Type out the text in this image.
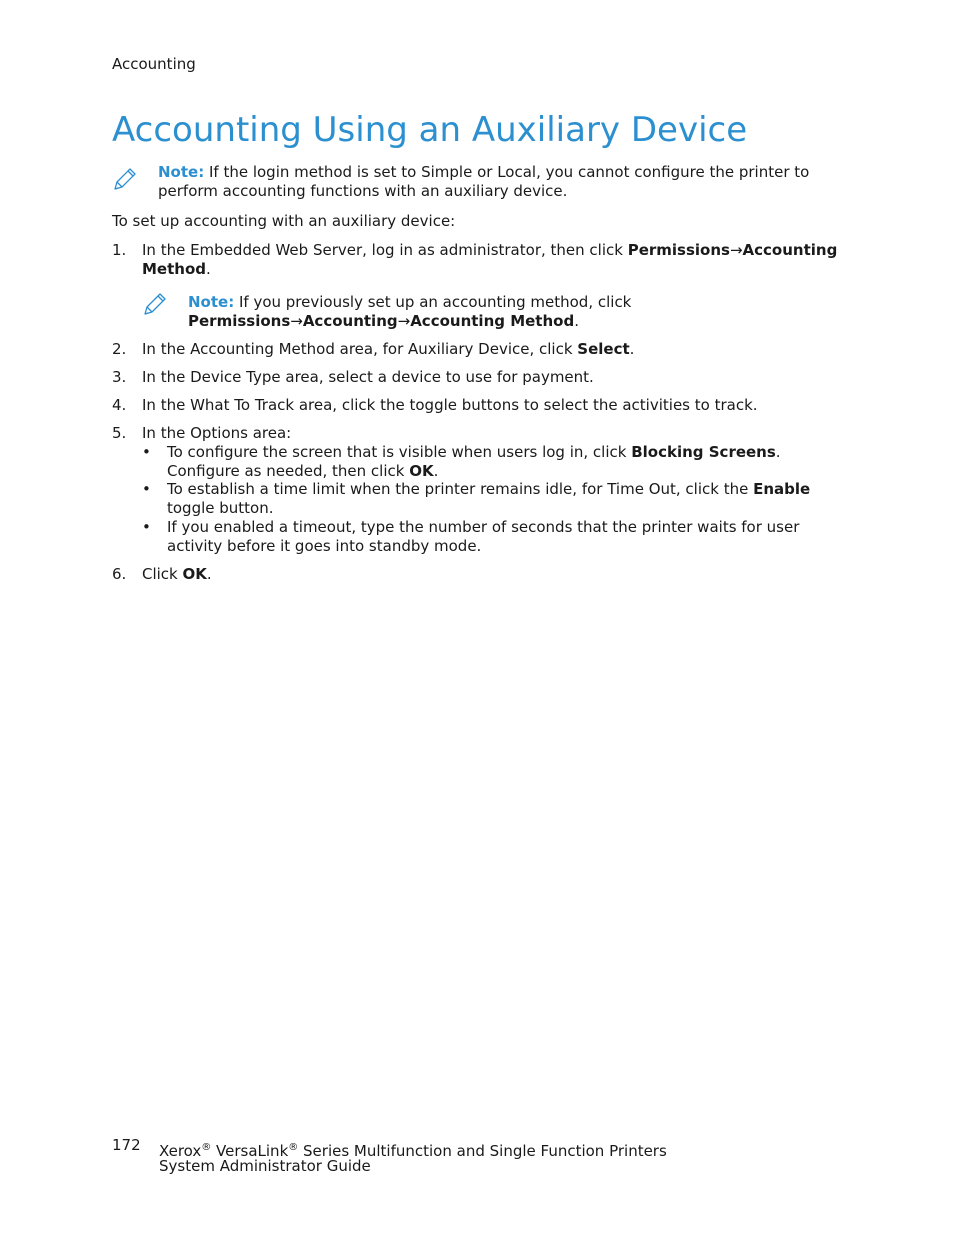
Accounting
Accounting Using an Auxiliary Device
Note: If the login method is set to Simple or Local, you cannot configure the printer to perform accounting functions with an auxiliary device.
To set up accounting with an auxiliary device:
1. In the Embedded Web Server, log in as administrator, then click Permissions→Accounting Method.
Note: If you previously set up an accounting method, click
Permissions→Accounting→Accounting Method.
2. In the Accounting Method area, for Auxiliary Device, click Select.
3. In the Device Type area, select a device to use for payment.
4. In the What To Track area, click the toggle buttons to select the activities to track.
5. In the Options area:
• To configure the screen that is visible when users log in, click Blocking Screens. Configure as needed, then click OK.
• To establish a time limit when the printer remains idle, for Time Out, click the Enable toggle button.
• If you enabled a timeout, type the number of seconds that the printer waits for user activity before it goes into standby mode.
6. Click OK.
172 Xerox® VersaLink® Series Multifunction and Single Function Printers
System Administrator Guide
